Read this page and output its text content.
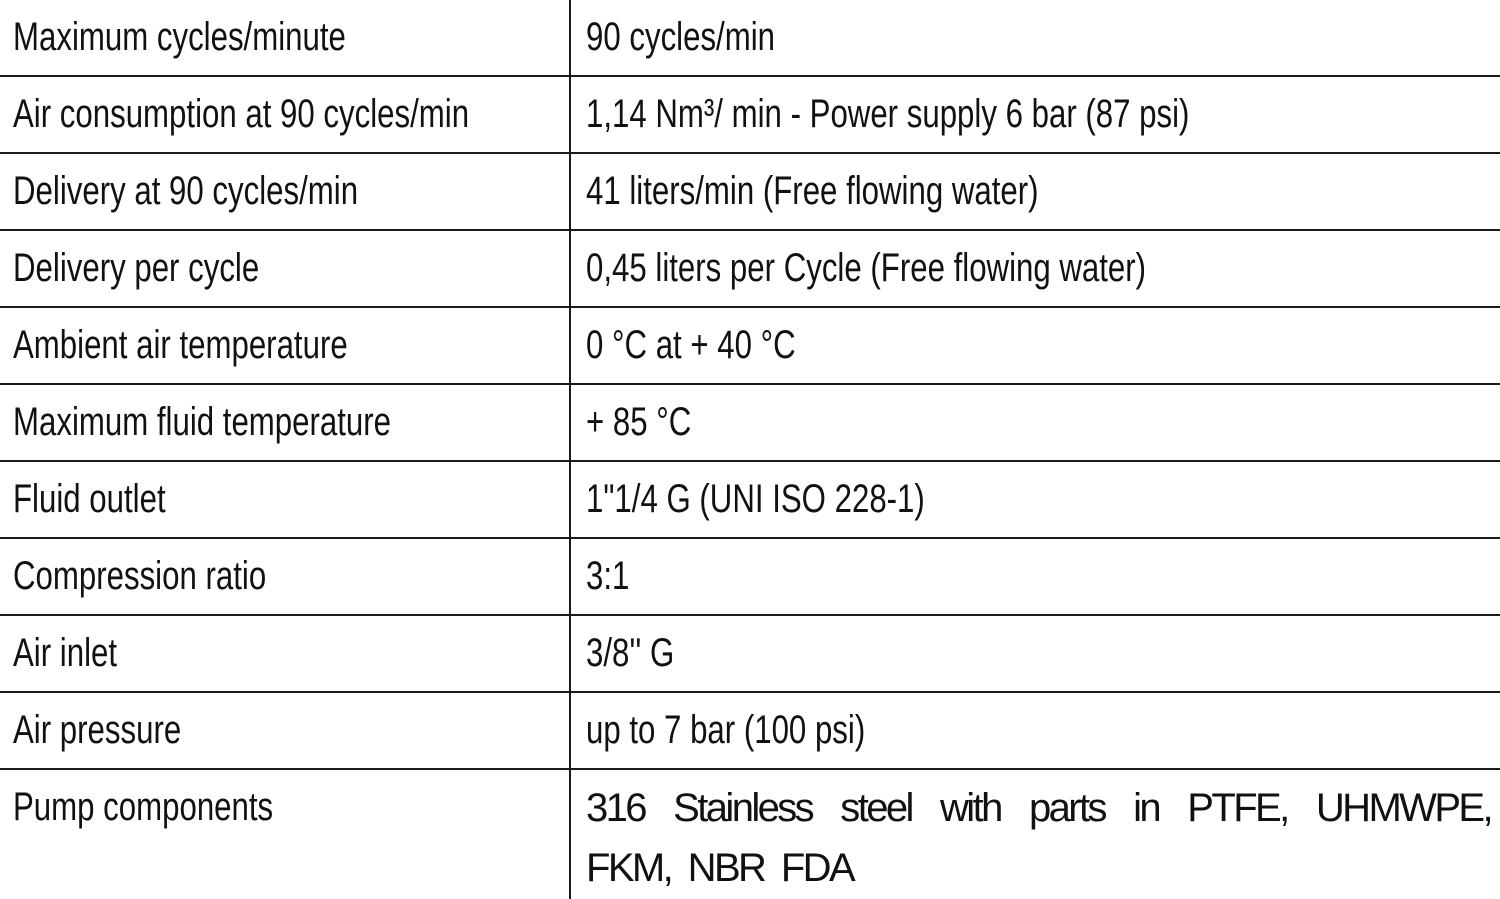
Maximum cycles/minute	90 cycles/min
Air consumption at 90 cycles/min	1,14 Nm³/ min - Power supply 6 bar (87 psi)
Delivery at 90 cycles/min	41 liters/min (Free flowing water)
Delivery per cycle	0,45 liters per Cycle (Free flowing water)
Ambient air temperature	0 °C at + 40 °C
Maximum fluid temperature	+ 85 °C
Fluid outlet	1"1/4 G (UNI ISO 228-1)
Compression ratio	3:1
Air inlet	3/8'' G
Air pressure	up to 7 bar (100 psi)
Pump components	316 Stainless steel with parts in PTFE, UHMWPE, FKM, NBR FDA
